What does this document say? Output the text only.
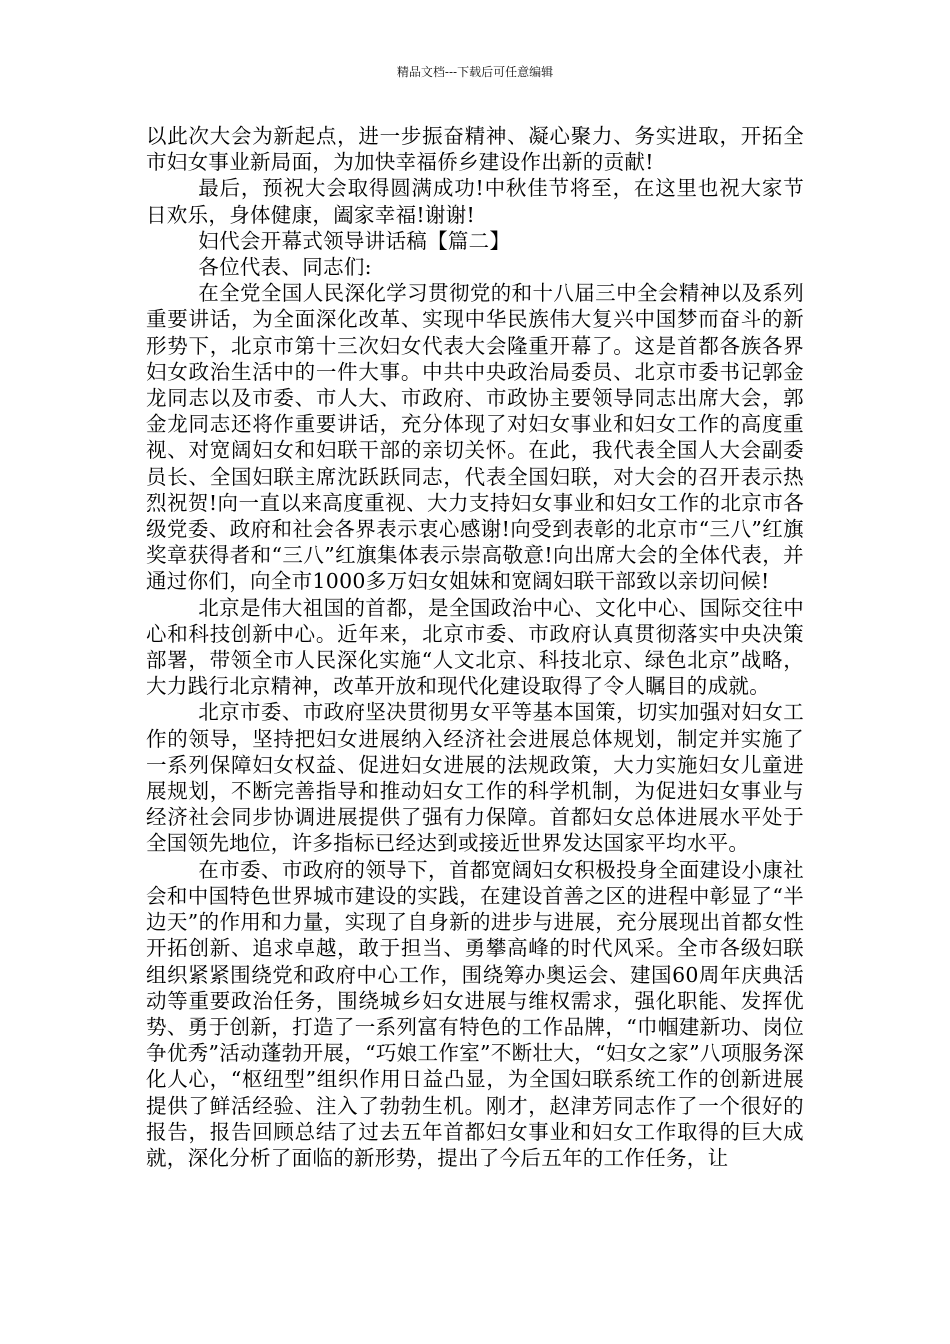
精品文档---下载后可任意编辑

以此次大会为新起点，进一步振奋精神、凝心聚力、务实进取，开拓全市妇女事业新局面，为加快幸福侨乡建设作出新的贡献!

最后，预祝大会取得圆满成功!中秋佳节将至，在这里也祝大家节日欢乐，身体健康，阖家幸福!谢谢!

妇代会开幕式领导讲话稿【篇二】

各位代表、同志们:

在全党全国人民深化学习贯彻党的和十八届三中全会精神以及系列重要讲话，为全面深化改革、实现中华民族伟大复兴中国梦而奋斗的新形势下，北京市第十三次妇女代表大会隆重开幕了。这是首都各族各界妇女政治生活中的一件大事。中共中央政治局委员、北京市委书记郭金龙同志以及市委、市人大、市政府、市政协主要领导同志出席大会，郭金龙同志还将作重要讲话，充分体现了对妇女事业和妇女工作的高度重视、对宽阔妇女和妇联干部的亲切关怀。在此，我代表全国人大会副委员长、全国妇联主席沈跃跃同志，代表全国妇联，对大会的召开表示热烈祝贺!向一直以来高度重视、大力支持妇女事业和妇女工作的北京市各级党委、政府和社会各界表示衷心感谢!向受到表彰的北京市“三八”红旗奖章获得者和“三八”红旗集体表示崇高敬意!向出席大会的全体代表，并通过你们，向全市1000多万妇女姐妹和宽阔妇联干部致以亲切问候!

北京是伟大祖国的首都，是全国政治中心、文化中心、国际交往中心和科技创新中心。近年来，北京市委、市政府认真贯彻落实中央决策部署，带领全市人民深化实施“人文北京、科技北京、绿色北京”战略，大力践行北京精神，改革开放和现代化建设取得了令人瞩目的成就。

北京市委、市政府坚决贯彻男女平等基本国策，切实加强对妇女工作的领导，坚持把妇女进展纳入经济社会进展总体规划，制定并实施了一系列保障妇女权益、促进妇女进展的法规政策，大力实施妇女儿童进展规划，不断完善指导和推动妇女工作的科学机制，为促进妇女事业与经济社会同步协调进展提供了强有力保障。首都妇女总体进展水平处于全国领先地位，许多指标已经达到或接近世界发达国家平均水平。

在市委、市政府的领导下，首都宽阔妇女积极投身全面建设小康社会和中国特色世界城市建设的实践，在建设首善之区的进程中彰显了“半边天”的作用和力量，实现了自身新的进步与进展，充分展现出首都女性开拓创新、追求卓越，敢于担当、勇攀高峰的时代风采。全市各级妇联组织紧紧围绕党和政府中心工作，围绕筹办奥运会、建国60周年庆典活动等重要政治任务，围绕城乡妇女进展与维权需求，强化职能、发挥优势、勇于创新，打造了一系列富有特色的工作品牌，“巾帼建新功、岗位争优秀”活动蓬勃开展，“巧娘工作室”不断壮大，“妇女之家”八项服务深化人心，“枢纽型”组织作用日益凸显，为全国妇联系统工作的创新进展提供了鲜活经验、注入了勃勃生机。刚才，赵津芳同志作了一个很好的报告，报告回顾总结了过去五年首都妇女事业和妇女工作取得的巨大成就，深化分析了面临的新形势，提出了今后五年的工作任务，让
